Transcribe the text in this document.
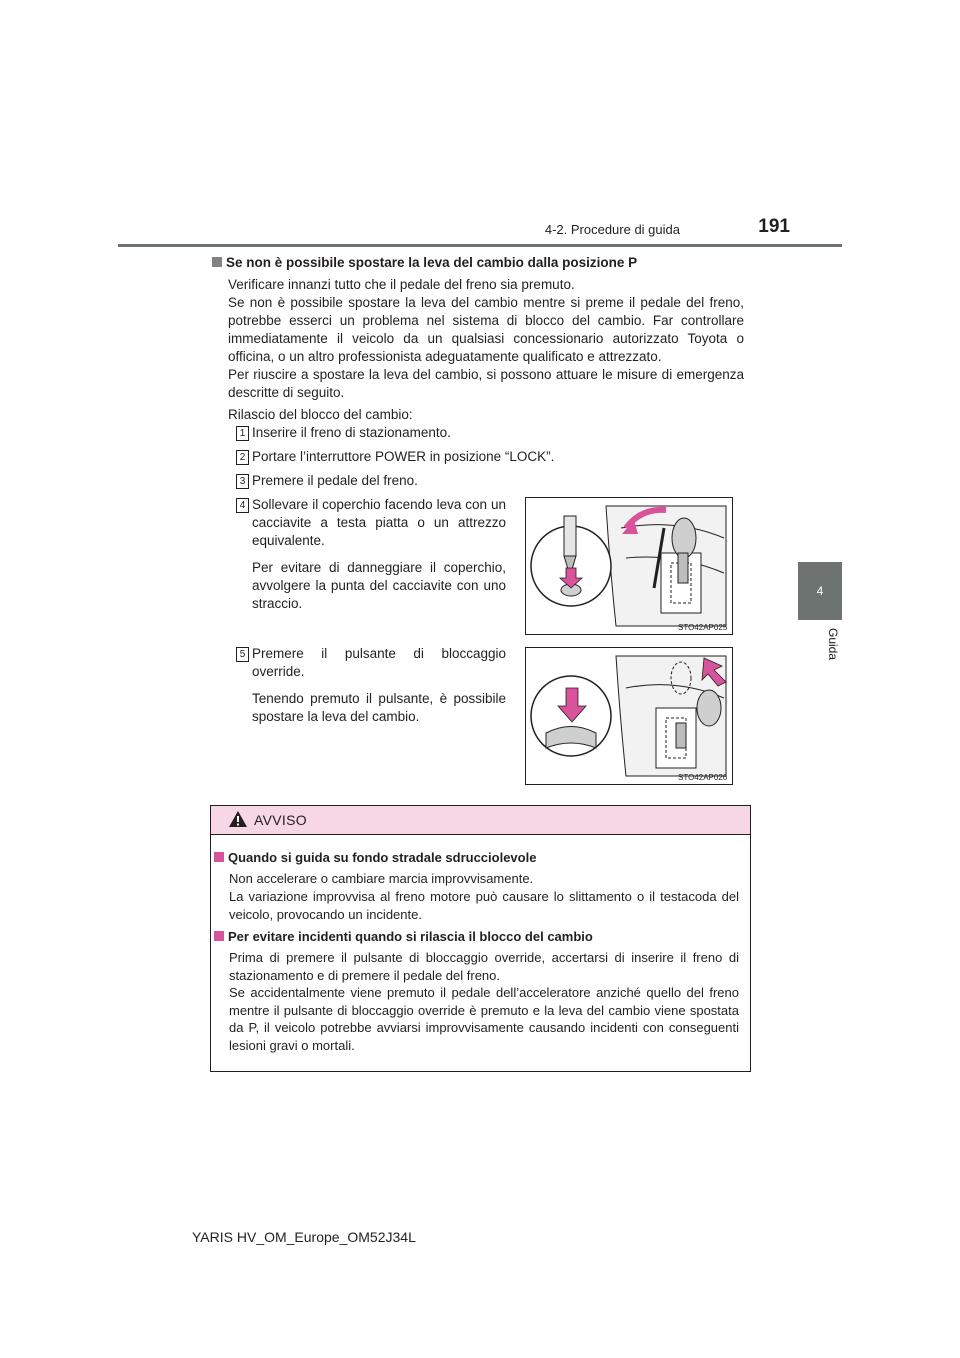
4-2. Procedure di guida	191
4
Guida
Se non è possibile spostare la leva del cambio dalla posizione P
Verificare innanzi tutto che il pedale del freno sia premuto.
Se non è possibile spostare la leva del cambio mentre si preme il pedale del freno, potrebbe esserci un problema nel sistema di blocco del cambio. Far controllare immediatamente il veicolo da un qualsiasi concessionario autorizzato Toyota o officina, o un altro professionista adeguatamente qualificato e attrezzato.
Per riuscire a spostare la leva del cambio, si possono attuare le misure di emergenza descritte di seguito.
Rilascio del blocco del cambio:
1 Inserire il freno di stazionamento.
2 Portare l’interruttore POWER in posizione “LOCK”.
3 Premere il pedale del freno.
4 Sollevare il coperchio facendo leva con un cacciavite a testa piatta o un attrezzo equivalente.

Per evitare di danneggiare il coperchio, avvolgere la punta del cacciavite con uno straccio.

STO42AP025
5 Premere il pulsante di bloccaggio override.

Tenendo premuto il pulsante, è possibile spostare la leva del cambio.

STO42AP026
AVVISO
Quando si guida su fondo stradale sdrucciolevole
Non accelerare o cambiare marcia improvvisamente.
La variazione improvvisa al freno motore può causare lo slittamento o il testacoda del veicolo, provocando un incidente.
Per evitare incidenti quando si rilascia il blocco del cambio
Prima di premere il pulsante di bloccaggio override, accertarsi di inserire il freno di stazionamento e di premere il pedale del freno.
Se accidentalmente viene premuto il pedale dell’acceleratore anziché quello del freno mentre il pulsante di bloccaggio override è premuto e la leva del cambio viene spostata da P, il veicolo potrebbe avviarsi improvvisamente causando incidenti con conseguenti lesioni gravi o mortali.
YARIS HV_OM_Europe_OM52J34L
